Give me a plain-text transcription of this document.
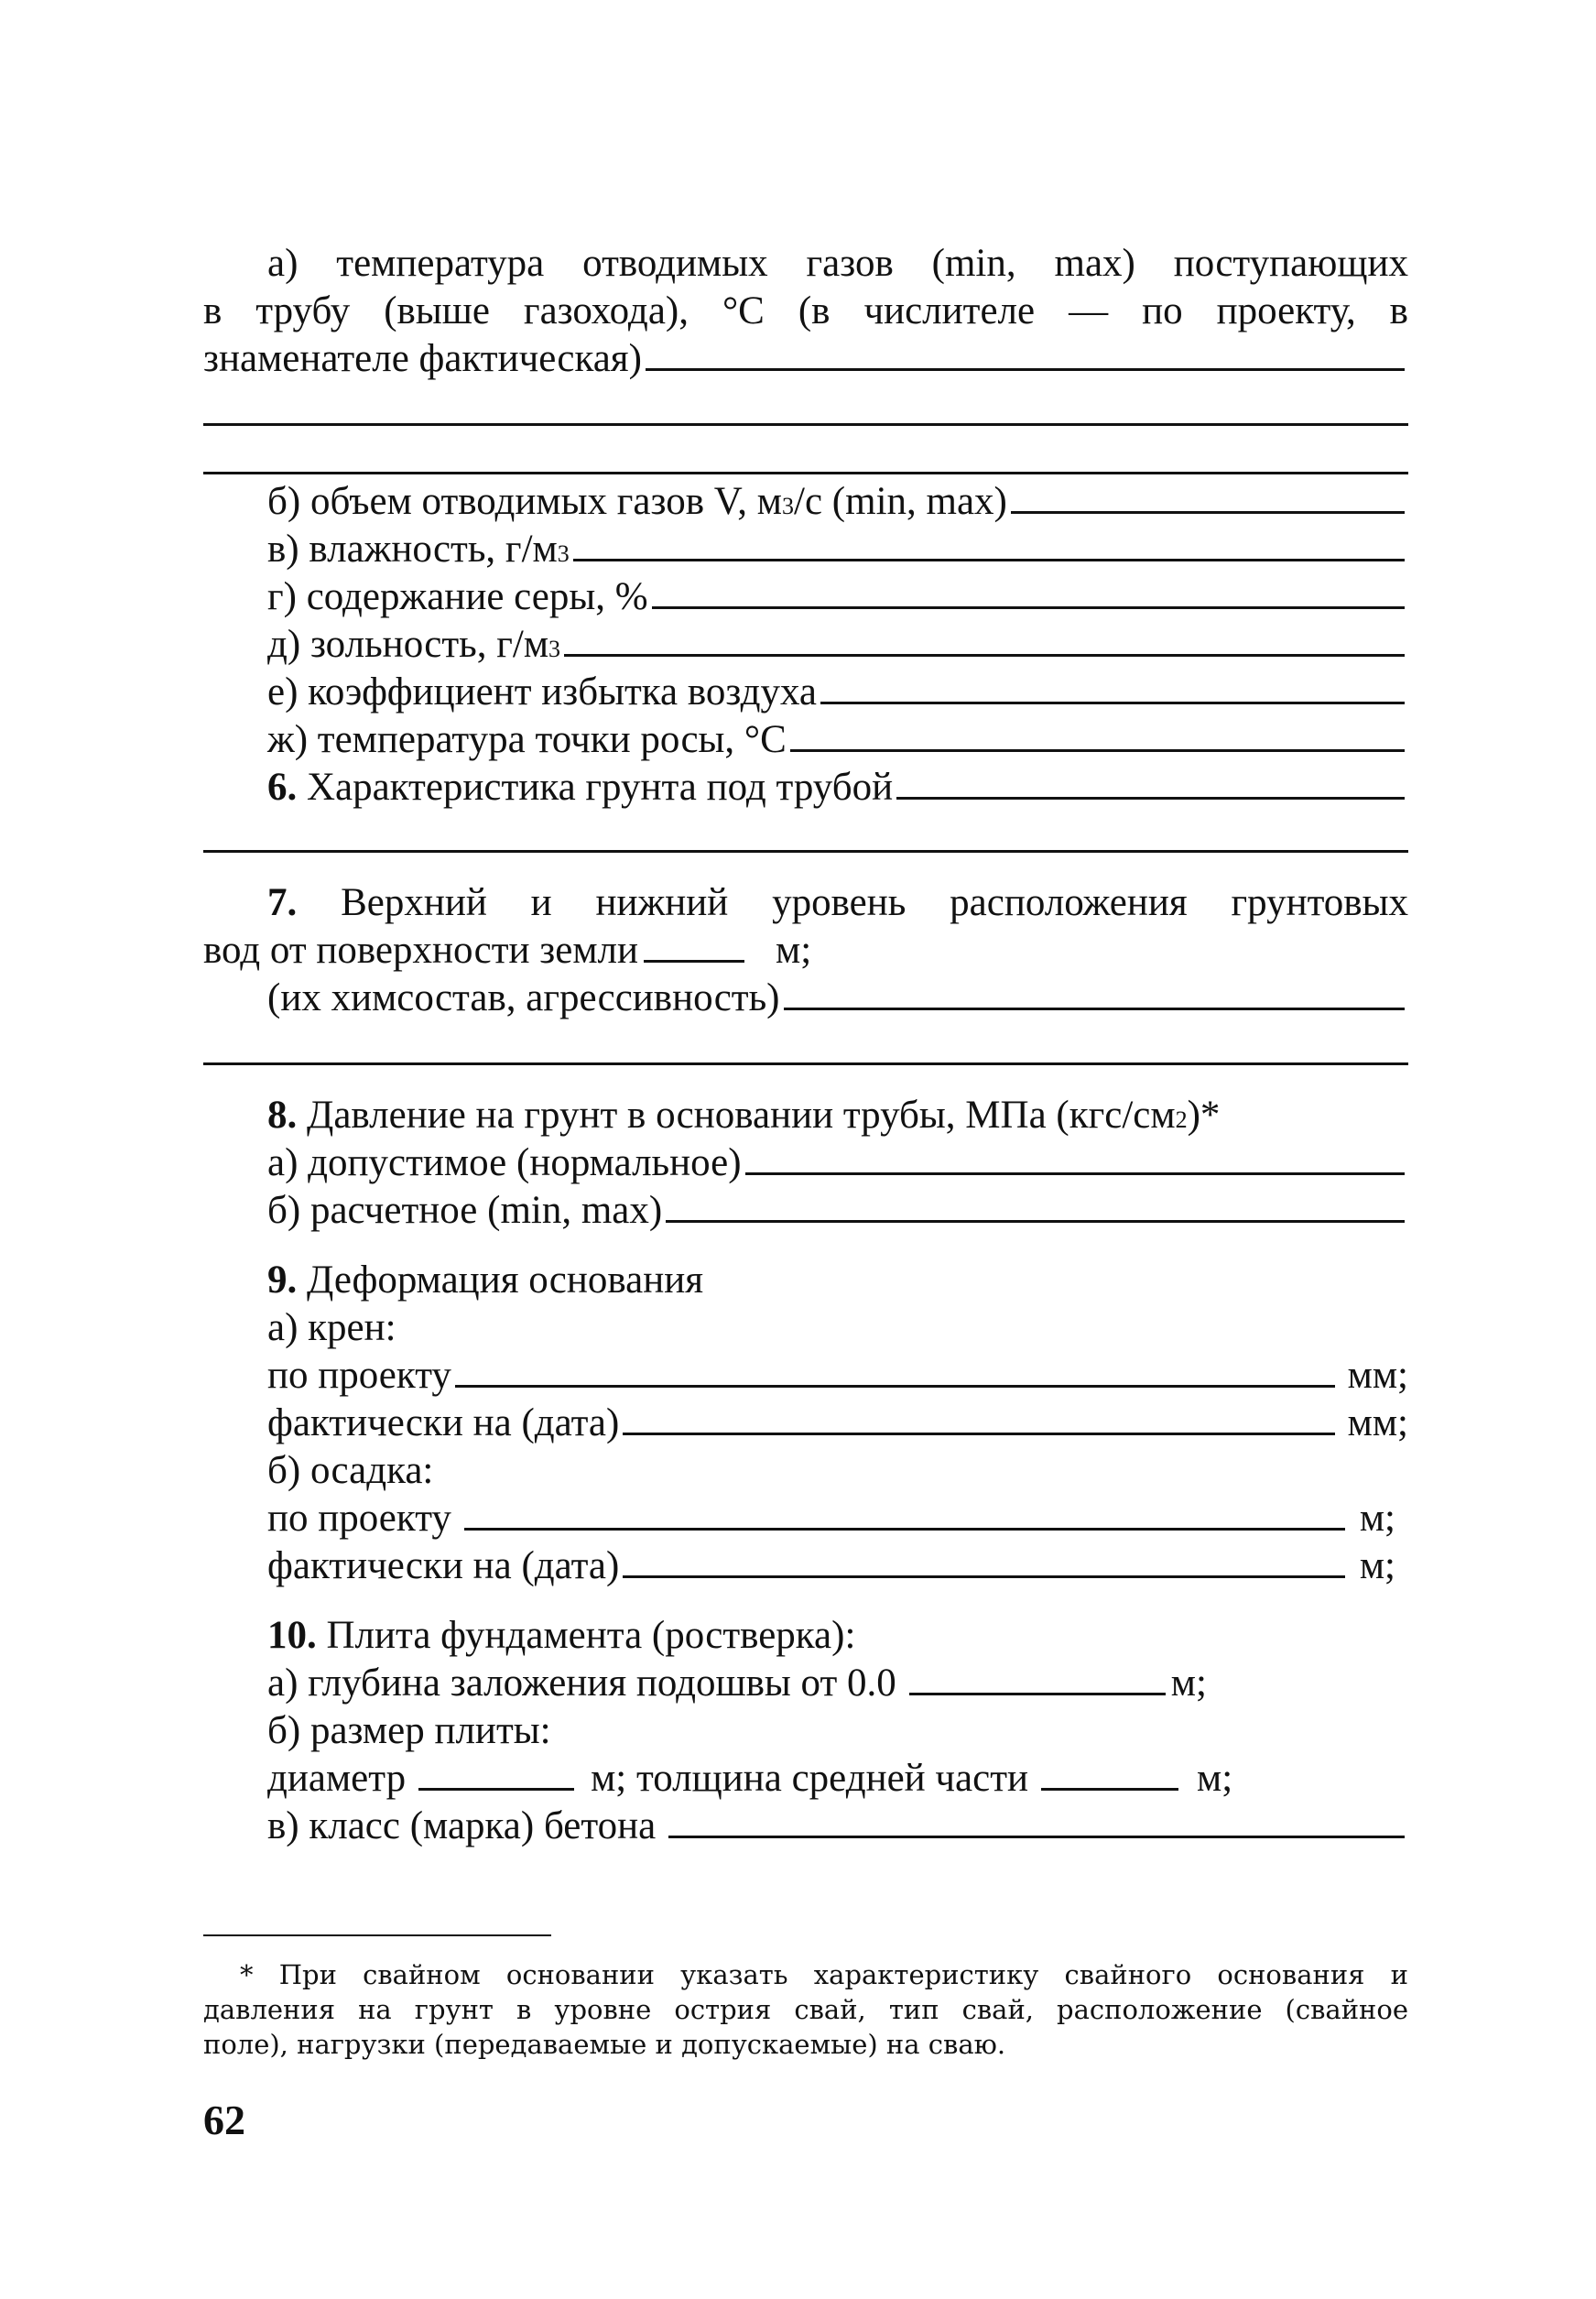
а) температура отводимых газов (min, max) поступающих
в трубу (выше газохода), °С (в числителе — по проекту, в
знаменателе фактическая)
б) объем отводимых газов V, м 3 /с (min, max)
в) влажность, г/м 3
г) содержание серы, %
д) зольность, г/м 3
е) коэффициент избытка воздуха
ж) температура точки росы, °С
6.
Характеристика грунта под трубой
7. Верхний и нижний уровень расположения грунтовых
вод от поверхности земли	м;
(их химсостав, агрессивность)
8.
Давление на грунт в основании трубы, МПа (кгс/см 2 )*
а) допустимое (нормальное)
б) расчетное (min, max)
9.
Деформация основания
а) крен:
по проекту	мм;
фактически на (дата)	мм;
б) осадка:
по проекту	м;
фактически на (дата)	м;
10.
Плита фундамента (ростверка):
а) глубина заложения подошвы от 0.0	м;
б) размер плиты:
диаметр	м; толщина средней части	м;
в) класс (марка) бетона
* При свайном основании указать характеристику свайного основания и
давления на грунт в уровне острия свай, тип свай, расположение (свайное
поле), нагрузки (передаваемые и допускаемые) на сваю.
62
